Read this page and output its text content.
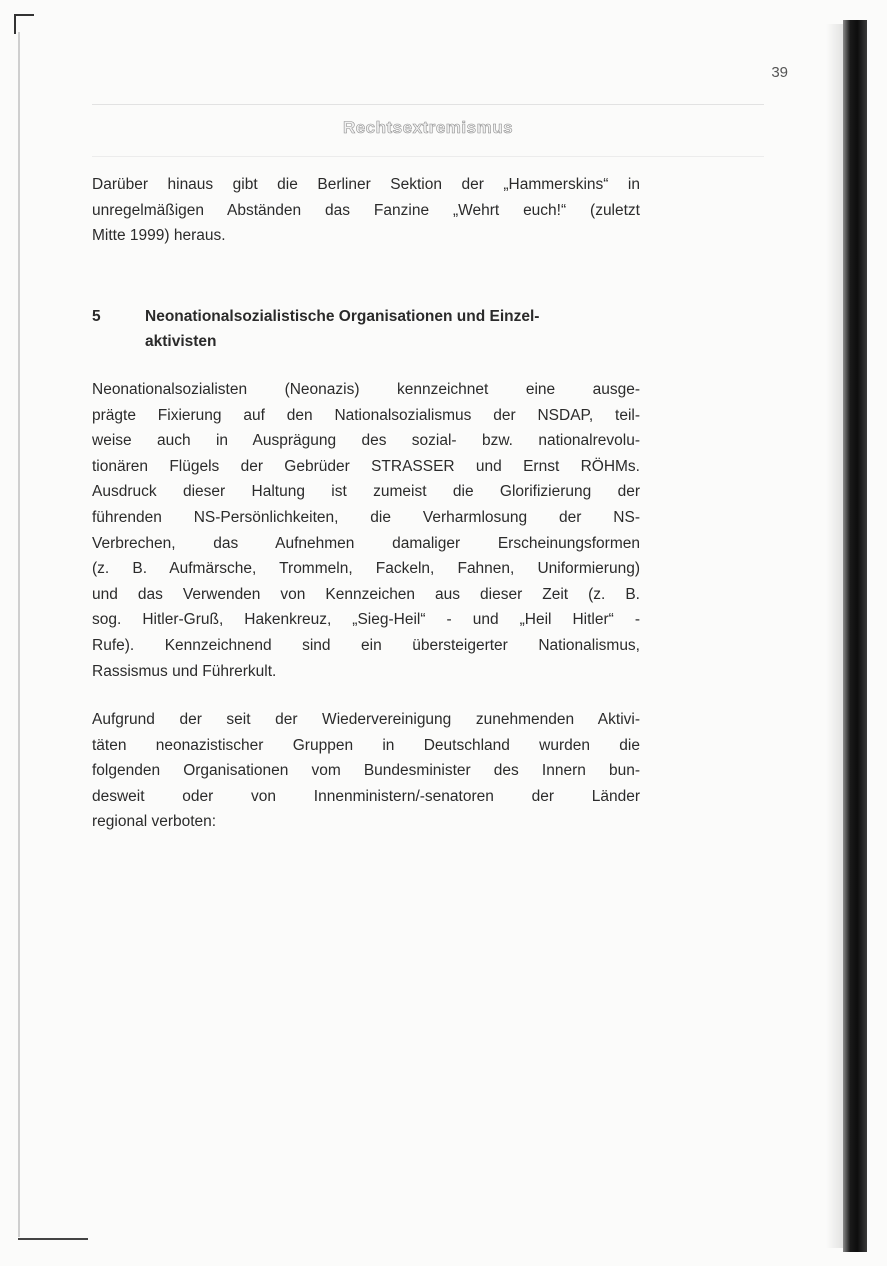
39
Rechtsextremismus

Darüber hinaus gibt die Berliner Sektion der „Hammerskins“ in
unregelmäßigen Abständen das Fanzine „Wehrt euch!“ (zuletzt
Mitte 1999) heraus.

5	Neonationalsozialistische Organisationen und Einzel-
aktivisten

Neonationalsozialisten (Neonazis) kennzeichnet eine ausge-
prägte Fixierung auf den Nationalsozialismus der NSDAP, teil-
weise auch in Ausprägung des sozial- bzw. nationalrevolu-
tionären Flügels der Gebrüder STRASSER und Ernst RÖHMs.
Ausdruck dieser Haltung ist zumeist die Glorifizierung der
führenden NS-Persönlichkeiten, die Verharmlosung der NS-
Verbrechen, das Aufnehmen damaliger Erscheinungsformen
(z. B. Aufmärsche, Trommeln, Fackeln, Fahnen, Uniformierung)
und das Verwenden von Kennzeichen aus dieser Zeit (z. B.
sog. Hitler-Gruß, Hakenkreuz, „Sieg-Heil“ - und „Heil Hitler“ -
Rufe). Kennzeichnend sind ein übersteigerter Nationalismus,
Rassismus und Führerkult.

Aufgrund der seit der Wiedervereinigung zunehmenden Aktivi-
täten neonazistischer Gruppen in Deutschland wurden die
folgenden Organisationen vom Bundesminister des Innern bun-
desweit oder von Innenministern/-senatoren der Länder
regional verboten:
